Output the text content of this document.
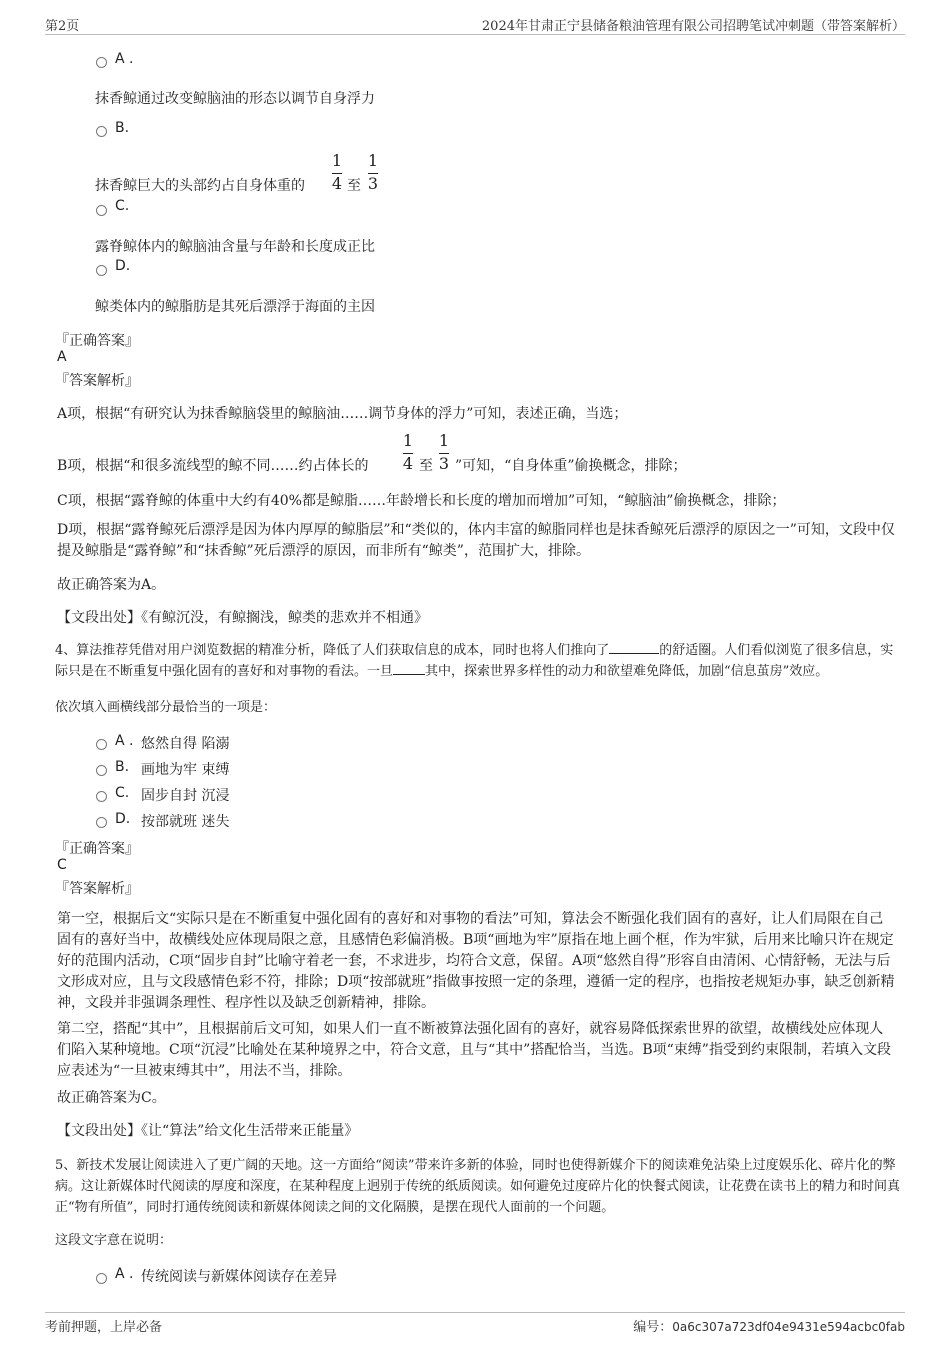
第2页	2024年甘肃正宁县储备粮油管理有限公司招聘笔试冲刺题（带答案解析）
A .
抹香鲸通过改变鲸脑油的形态以调节自身浮力
B.
抹香鲸巨大的头部约占自身体重的
1
4 至
1
3
C.
露脊鲸体内的鲸脑油含量与年龄和长度成正比
D.
鲸类体内的鲸脂肪是其死后漂浮于海面的主因
『正确答案』
A
『答案解析』
A项，根据“有研究认为抹香鲸脑袋里的鲸脑油……调节身体的浮力”可知，表述正确，当选；
B项，根据“和很多流线型的鲸不同……约占体长的
1
4 至
1
3 ”可知，“自身体重”偷换概念，排除；
C项，根据“露脊鲸的体重中大约有40%都是鲸脂……年龄增长和长度的增加而增加”可知，“鲸脑油”偷换概念，排除；
D项，根据“露脊鲸死后漂浮是因为体内厚厚的鲸脂层”和“类似的，体内丰富的鲸脂同样也是抹香鲸死后漂浮的原因之一”可知，文段中仅提及鲸脂是“露脊鲸”和“抹香鲸”死后漂浮的原因，而非所有“鲸类”，范围扩大，排除。
故正确答案为A。
【文段出处】《有鲸沉没，有鲸搁浅，鲸类的悲欢并不相通》
4、算法推荐凭借对用户浏览数据的精准分析，降低了人们获取信息的成本，同时也将人们推向了	的舒适圈。人们看似浏览了很多信息，实际只是在不断重复中强化固有的喜好和对事物的看法。一旦 其中，探索世界多样性的动力和欲望难免降低，加剧“信息茧房”效应。
依次填入画横线部分最恰当的一项是：
A . 悠然自得 陷溺
B. 画地为牢 束缚
C. 固步自封 沉浸
D. 按部就班 迷失
『正确答案』
C
『答案解析』
第一空，根据后文“实际只是在不断重复中强化固有的喜好和对事物的看法”可知，算法会不断强化我们固有的喜好，让人们局限在自己固有的喜好当中，故横线处应体现局限之意，且感情色彩偏消极。B项“画地为牢”原指在地上画个框，作为牢狱，后用来比喻只许在规定好的范围内活动，C项“固步自封”比喻守着老一套，不求进步，均符合文意，保留。A项“悠然自得”形容自由清闲、心情舒畅，无法与后文形成对应，且与文段感情色彩不符，排除；D项“按部就班”指做事按照一定的条理，遵循一定的程序，也指按老规矩办事，缺乏创新精神，文段并非强调条理性、程序性以及缺乏创新精神，排除。
第二空，搭配“其中”，且根据前后文可知，如果人们一直不断被算法强化固有的喜好，就容易降低探索世界的欲望，故横线处应体现人们陷入某种境地。C项“沉浸”比喻处在某种境界之中，符合文意，且与“其中”搭配恰当，当选。B项“束缚”指受到约束限制，若填入文段应表述为“一旦被束缚其中”，用法不当，排除。
故正确答案为C。
【文段出处】《让“算法”给文化生活带来正能量》
5、新技术发展让阅读进入了更广阔的天地。这一方面给“阅读”带来许多新的体验，同时也使得新媒介下的阅读难免沾染上过度娱乐化、碎片化的弊病。这让新媒体时代阅读的厚度和深度，在某种程度上迥别于传统的纸质阅读。如何避免过度碎片化的快餐式阅读，让花费在读书上的精力和时间真正“物有所值”，同时打通传统阅读和新媒体阅读之间的文化隔膜，是摆在现代人面前的一个问题。
这段文字意在说明：
A . 传统阅读与新媒体阅读存在差异
考前押题，上岸必备	编号：0a6c307a723df04e9431e594acbc0fab
